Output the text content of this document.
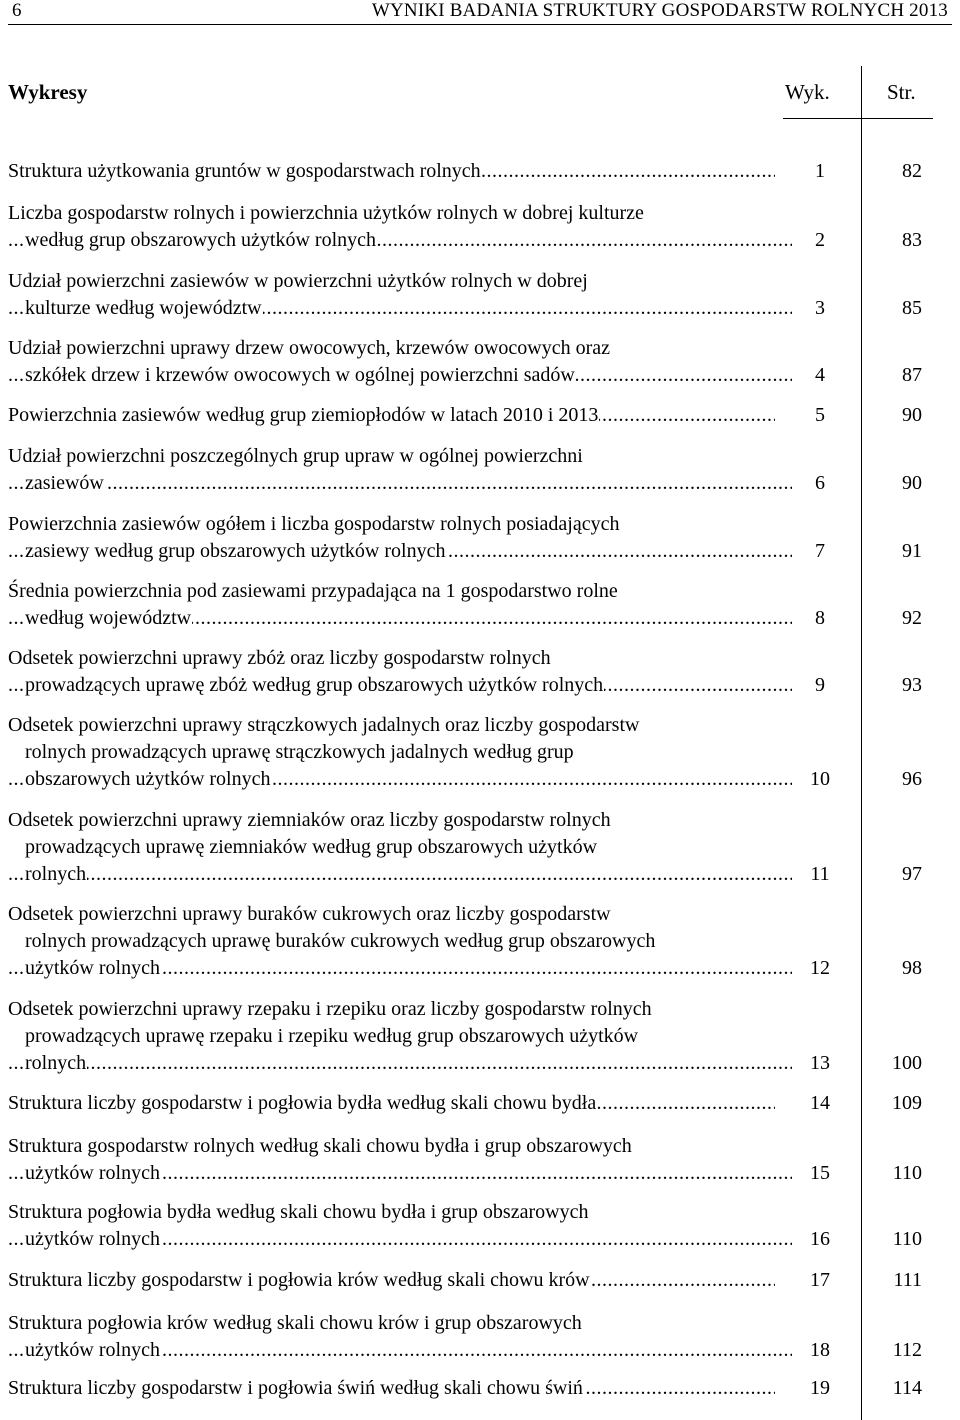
6	WYNIKI BADANIA STRUKTURY GOSPODARSTW ROLNYCH 2013
Wykresy	Wyk.	Str.
Struktura użytkowania gruntów w gospodarstwach rolnych .....	1	82
Liczba gospodarstw rolnych i powierzchnia użytków rolnych w dobrej kulturze
według grup obszarowych użytków rolnych .....	2	83
Udział powierzchni zasiewów w powierzchni użytków rolnych w dobrej
kulturze według województw .....	3	85
Udział powierzchni uprawy drzew owocowych, krzewów owocowych oraz
szkółek drzew i krzewów owocowych w ogólnej powierzchni sadów .....	4	87
Powierzchnia zasiewów według grup ziemiopłodów w latach 2010 i 2013 .....	5	90
Udział powierzchni poszczególnych grup upraw w ogólnej powierzchni
zasiewów .....	6	90
Powierzchnia zasiewów ogółem i liczba gospodarstw rolnych posiadających
zasiewy według grup obszarowych użytków rolnych .....	7	91
Średnia powierzchnia pod zasiewami przypadająca na 1 gospodarstwo rolne
według województw .....	8	92
Odsetek powierzchni uprawy zbóż oraz liczby gospodarstw rolnych
prowadzących uprawę zbóż według grup obszarowych użytków rolnych .....	9	93
Odsetek powierzchni uprawy strączkowych jadalnych oraz liczby gospodarstw
rolnych prowadzących uprawę strączkowych jadalnych według grup
obszarowych użytków rolnych .....	10	96
Odsetek powierzchni uprawy ziemniaków oraz liczby gospodarstw rolnych
prowadzących uprawę ziemniaków według grup obszarowych użytków
rolnych .....	11	97
Odsetek powierzchni uprawy buraków cukrowych oraz liczby gospodarstw
rolnych prowadzących uprawę buraków cukrowych według grup obszarowych
użytków rolnych .....	12	98
Odsetek powierzchni uprawy rzepaku i rzepiku oraz liczby gospodarstw rolnych
prowadzących uprawę rzepaku i rzepiku według grup obszarowych użytków
rolnych .....	13	100
Struktura liczby gospodarstw i pogłowia bydła według skali chowu bydła .....	14	109
Struktura gospodarstw rolnych według skali chowu bydła i grup obszarowych
użytków rolnych .....	15	110
Struktura pogłowia bydła według skali chowu bydła i grup obszarowych
użytków rolnych .....	16	110
Struktura liczby gospodarstw i pogłowia krów według skali chowu krów .....	17	111
Struktura pogłowia krów według skali chowu krów i grup obszarowych
użytków rolnych .....	18	112
Struktura liczby gospodarstw i pogłowia świń według skali chowu świń .....	19	114
